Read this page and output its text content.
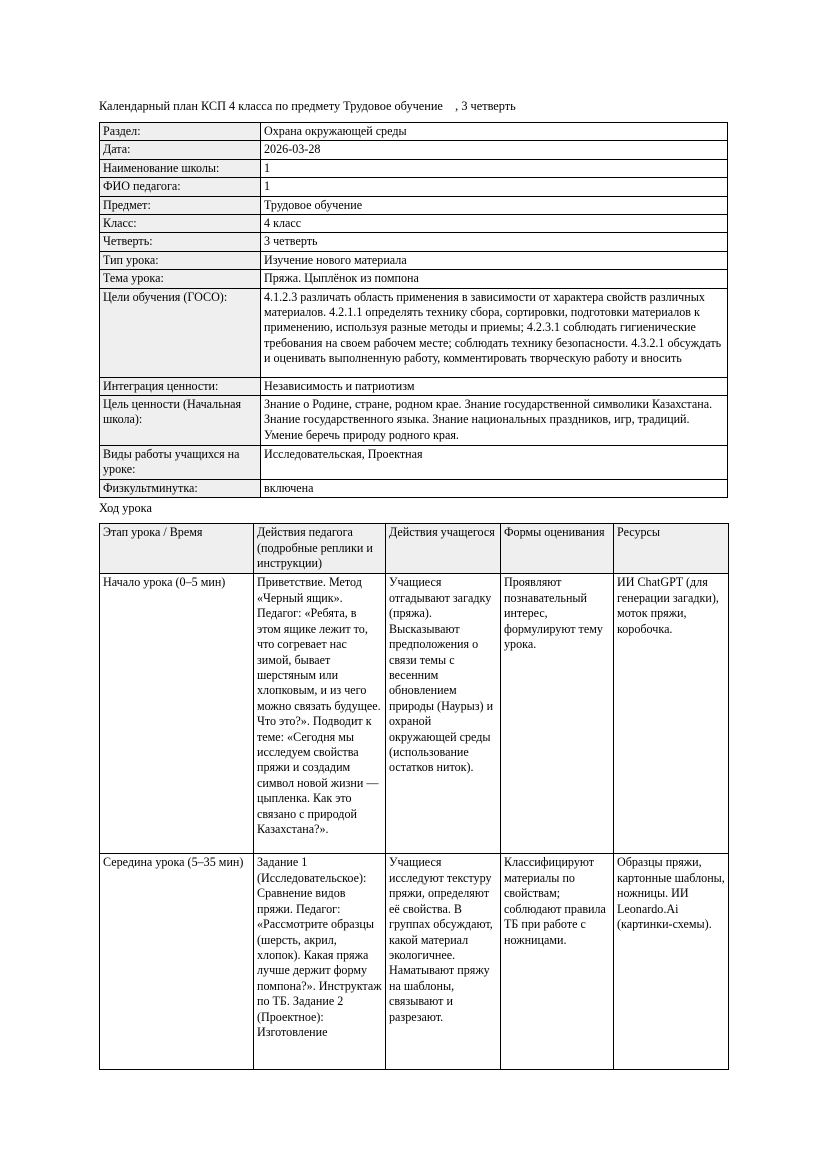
Календарный план КСП 4 класса по предмету Трудовое обучение    , 3 четверть
Раздел:	Охрана окружающей среды
Дата:	2026-03-28
Наименование школы:	1
ФИО педагога:	1
Предмет:	Трудовое обучение
Класс:	4 класс
Четверть:	3 четверть
Тип урока:	Изучение нового материала
Тема урока:	Пряжа. Цыплёнок из помпона
Цели обучения (ГОСО):	4.1.2.3 различать область применения в зависимости от характера свойств различных материалов. 4.2.1.1 определять технику сбора, сортировки, подготовки материалов к применению, используя разные методы и приемы; 4.2.3.1 соблюдать гигиенические требования на своем рабочем месте; соблюдать технику безопасности. 4.3.2.1 обсуждать и оценивать выполненную работу, комментировать творческую работу и вносить

Интеграция ценности:	Независимость и патриотизм
Цель ценности (Начальная школа):	Знание о Родине, стране, родном крае. Знание государственной символики Казахстана. Знание государственного языка. Знание национальных праздников, игр, традиций. Умение беречь природу родного края.

Виды работы учащихся на уроке:	Исследовательская, Проектная
Физкультминутка:	включена
Ход урока
Этап урока / Время	Действия педагога (подробные реплики и инструкции)	Действия учащегося	Формы оценивания	Ресурсы

Начало урока (0–5 мин)	Приветствие. Метод «Черный ящик». Педагог: «Ребята, в этом ящике лежит то, что согревает нас зимой, бывает шерстяным или хлопковым, и из чего можно связать будущее. Что это?». Подводит к теме: «Сегодня мы исследуем свойства пряжи и создадим символ новой жизни — цыпленка. Как это связано с природой Казахстана?».	Учащиеся отгадывают загадку (пряжа). Высказывают предположения о связи темы с весенним обновлением природы (Наурыз) и охраной окружающей среды (использование остатков ниток).	Проявляют познавательный интерес, формулируют тему урока.	ИИ ChatGPT (для генерации загадки), моток пряжи, коробочка.

Середина урока (5–35 мин)	Задание 1 (Исследовательское): Сравнение видов пряжи. Педагог: «Рассмотрите образцы (шерсть, акрил, хлопок). Какая пряжа лучше держит форму помпона?». Инструктаж по ТБ. Задание 2 (Проектное): Изготовление	Учащиеся исследуют текстуру пряжи, определяют её свойства. В группах обсуждают, какой материал экологичнее. Наматывают пряжу на шаблоны, связывают и разрезают.	Классифицируют материалы по свойствам; соблюдают правила ТБ при работе с ножницами.	Образцы пряжи, картонные шаблоны, ножницы. ИИ Leonardo.Ai (картинки-схемы).
